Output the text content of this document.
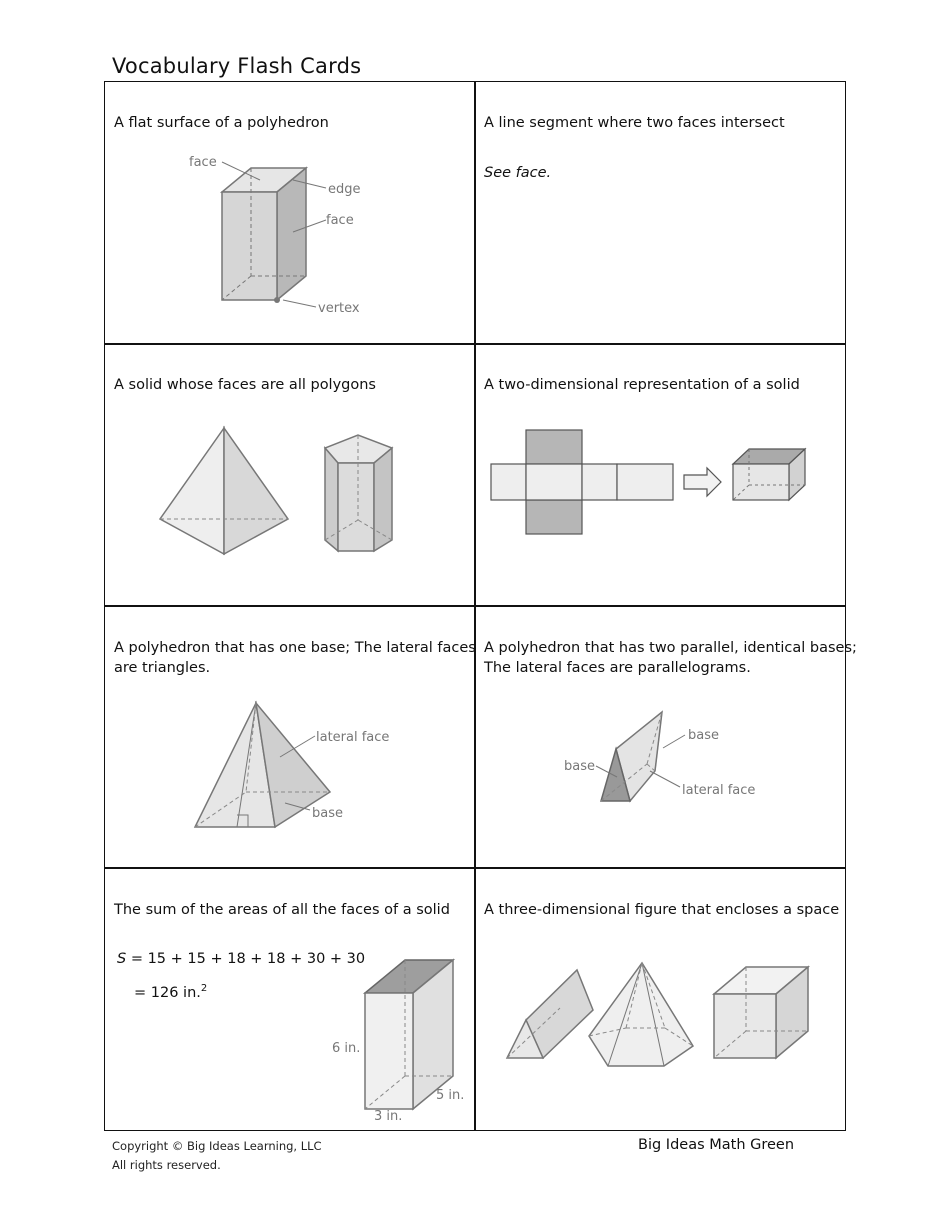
Vocabulary Flash Cards
A flat surface of a polyhedron
face
edge
face
vertex
A line segment where two faces intersect
See face.
A solid whose faces are all polygons	A two-dimensional representation of a solid
A polyhedron that has one base; The lateral faces
are triangles.
lateral face
base
A polyhedron that has two parallel, identical bases;
The lateral faces are parallelograms.
base
base
lateral face
The sum of the areas of all the faces of a solid
S = 15 + 15 + 18 + 18 + 30 + 30
= 126 in.$^2$
6 in.
5 in.
3 in.
A three-dimensional figure that encloses a space
Copyright © Big Ideas Learning, LLC
All rights reserved.
Big Ideas Math Green
